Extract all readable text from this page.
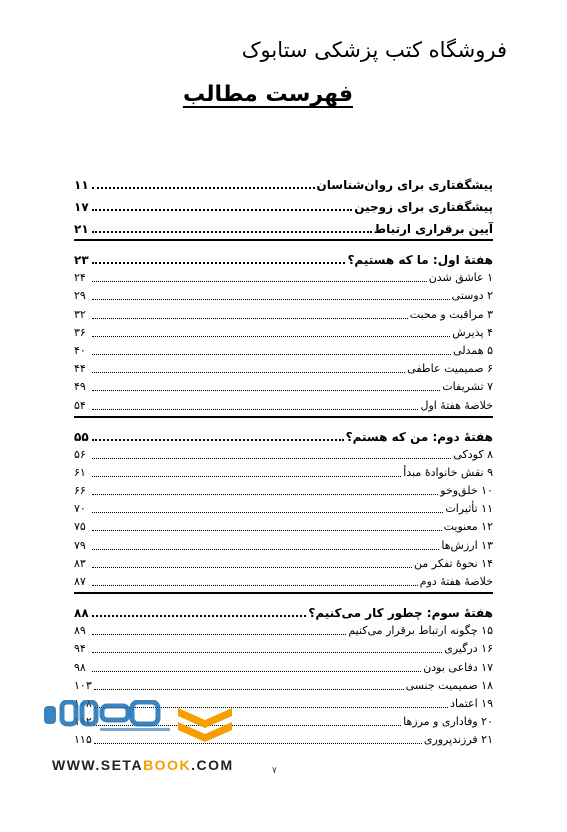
فروشگاه کتب پزشکی ستابوک
فهرست مطالب
پیشگفتاری برای روان‌شناسان
۱۱
پیشگفتاری برای زوجین
۱۷
آیین برقراری ارتباط
۲۱
هفتهٔ اول: ما که هستیم؟
۲۳
۱ عاشق شدن
۲۴
۲ دوستی
۲۹
۳ مراقبت و محبت
۳۲
۴ پذیرش
۳۶
۵ همدلی
۴۰
۶ صمیمیت عاطفی
۴۴
۷ تشریفات
۴۹
خلاصهٔ هفتهٔ اول
۵۴
هفتهٔ دوم: من که هستم؟
۵۵
۸ کودکی
۵۶
۹ نقش خانوادهٔ مبدأ
۶۱
۱۰ خلق‌وخو
۶۶
۱۱ تأثیرات
۷۰
۱۲ معنویت
۷۵
۱۳ ارزش‌ها
۷۹
۱۴ نحوهٔ تفکر من
۸۳
خلاصهٔ هفتهٔ دوم
۸۷
هفتهٔ سوم: چطور کار می‌کنیم؟
۸۸
۱۵ چگونه ارتباط برقرار می‌کنیم
۸۹
۱۶ درگیری
۹۴
۱۷ دفاعی بودن
۹۸
۱۸ صمیمیت جنسی
۱۰۳
۱۹ اعتماد
۱۰۸
۲۰ وفاداری و مرزها
۱۱۲
۲۱ فرزندپروری
۱۱۵
WWW.SETABOOK.COM	۷
